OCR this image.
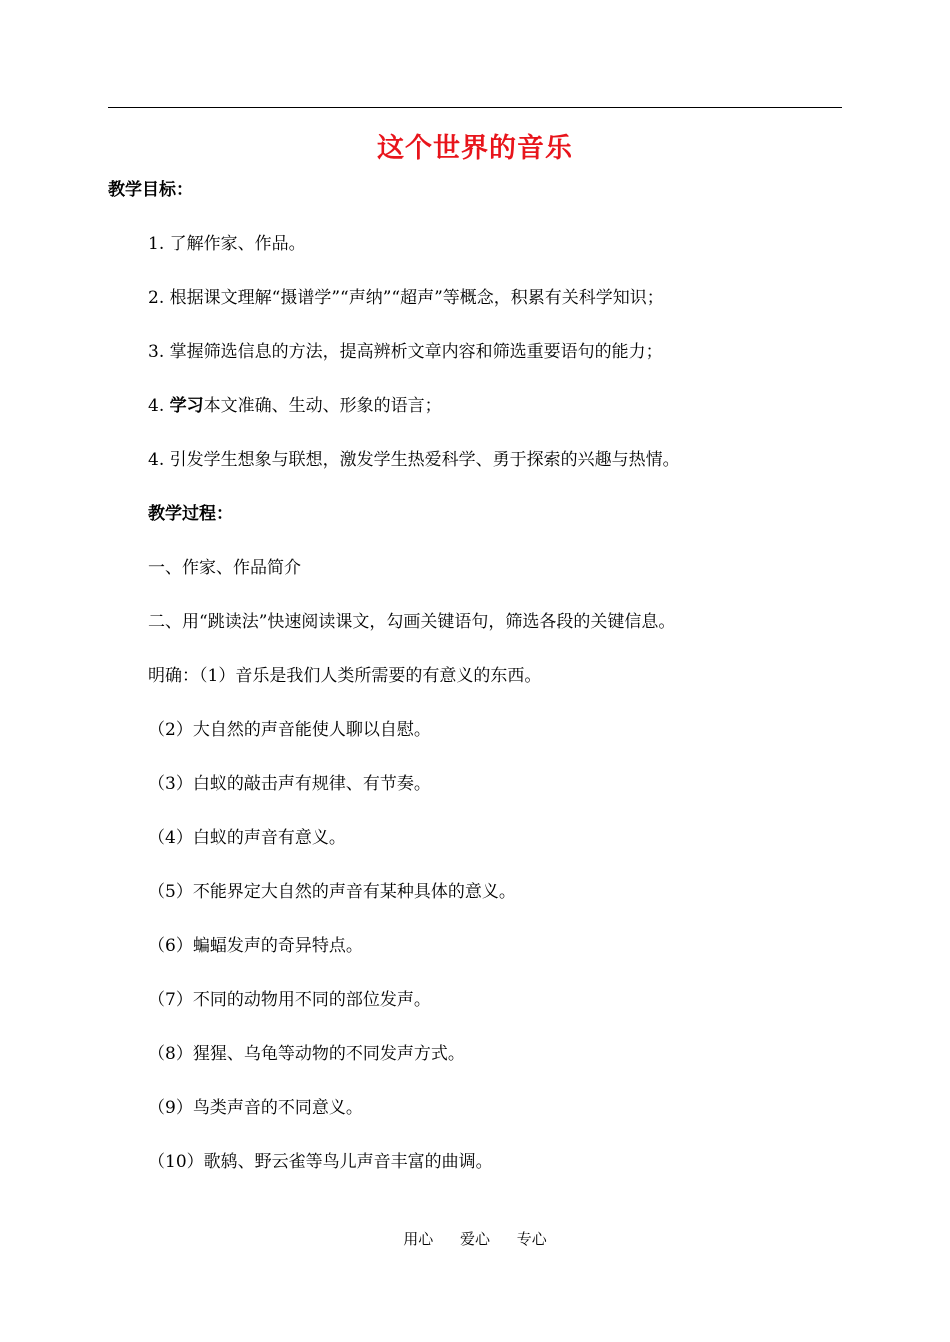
这个世界的音乐
教学目标：
1. 了解作家、作品。
2. 根据课文理解“摄谱学”“声纳”“超声”等概念，积累有关科学知识；
3. 掌握筛选信息的方法，提高辨析文章内容和筛选重要语句的能力；
4. 学习本文准确、生动、形象的语言；
4. 引发学生想象与联想，激发学生热爱科学、勇于探索的兴趣与热情。
教学过程：
一、作家、作品简介
二、用“跳读法”快速阅读课文，勾画关键语句，筛选各段的关键信息。
明确：（1）音乐是我们人类所需要的有意义的东西。
（2）大自然的声音能使人聊以自慰。
（3）白蚁的敲击声有规律、有节奏。
（4）白蚁的声音有意义。
（5）不能界定大自然的声音有某种具体的意义。
（6）蝙蝠发声的奇异特点。
（7）不同的动物用不同的部位发声。
（8）猩猩、乌龟等动物的不同发声方式。
（9）鸟类声音的不同意义。
（10）歌鸫、野云雀等鸟儿声音丰富的曲调。
用心 爱心 专心
